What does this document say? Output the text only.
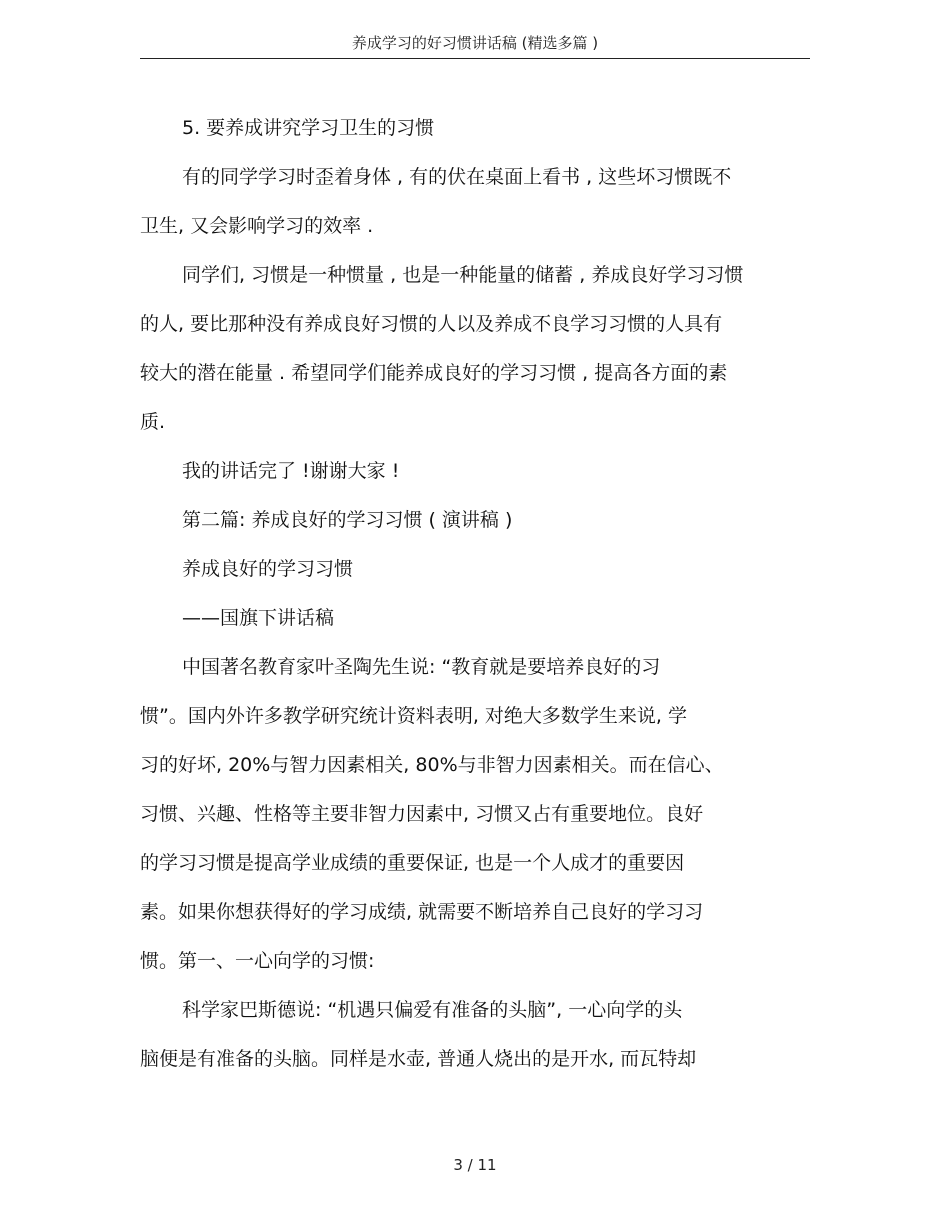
养成学习的好习惯讲话稿 (精选多篇 )
5. 要养成讲究学习卫生的习惯
有的同学学习时歪着身体 , 有的伏在桌面上看书 , 这些坏习惯既不
卫生, 又会影响学习的效率 .
同学们, 习惯是一种惯量 , 也是一种能量的储蓄 , 养成良好学习习惯
的人, 要比那种没有养成良好习惯的人以及养成不良学习习惯的人具有
较大的潜在能量 . 希望同学们能养成良好的学习习惯 , 提高各方面的素
质.
我的讲话完了 !谢谢大家 !
第二篇: 养成良好的学习习惯 ( 演讲稿 )
养成良好的学习习惯
——国旗下讲话稿
中国著名教育家叶圣陶先生说: “教育就是要培养良好的习
惯”。国内外许多教学研究统计资料表明, 对绝大多数学生来说, 学
习的好坏, 20%与智力因素相关, 80%与非智力因素相关。而在信心、
习惯、兴趣、性格等主要非智力因素中, 习惯又占有重要地位。良好
的学习习惯是提高学业成绩的重要保证, 也是一个人成才的重要因
素。如果你想获得好的学习成绩, 就需要不断培养自己良好的学习习
惯。第一、一心向学的习惯:
科学家巴斯德说: “机遇只偏爱有准备的头脑”, 一心向学的头
脑便是有准备的头脑。同样是水壶, 普通人烧出的是开水, 而瓦特却
3 / 11
